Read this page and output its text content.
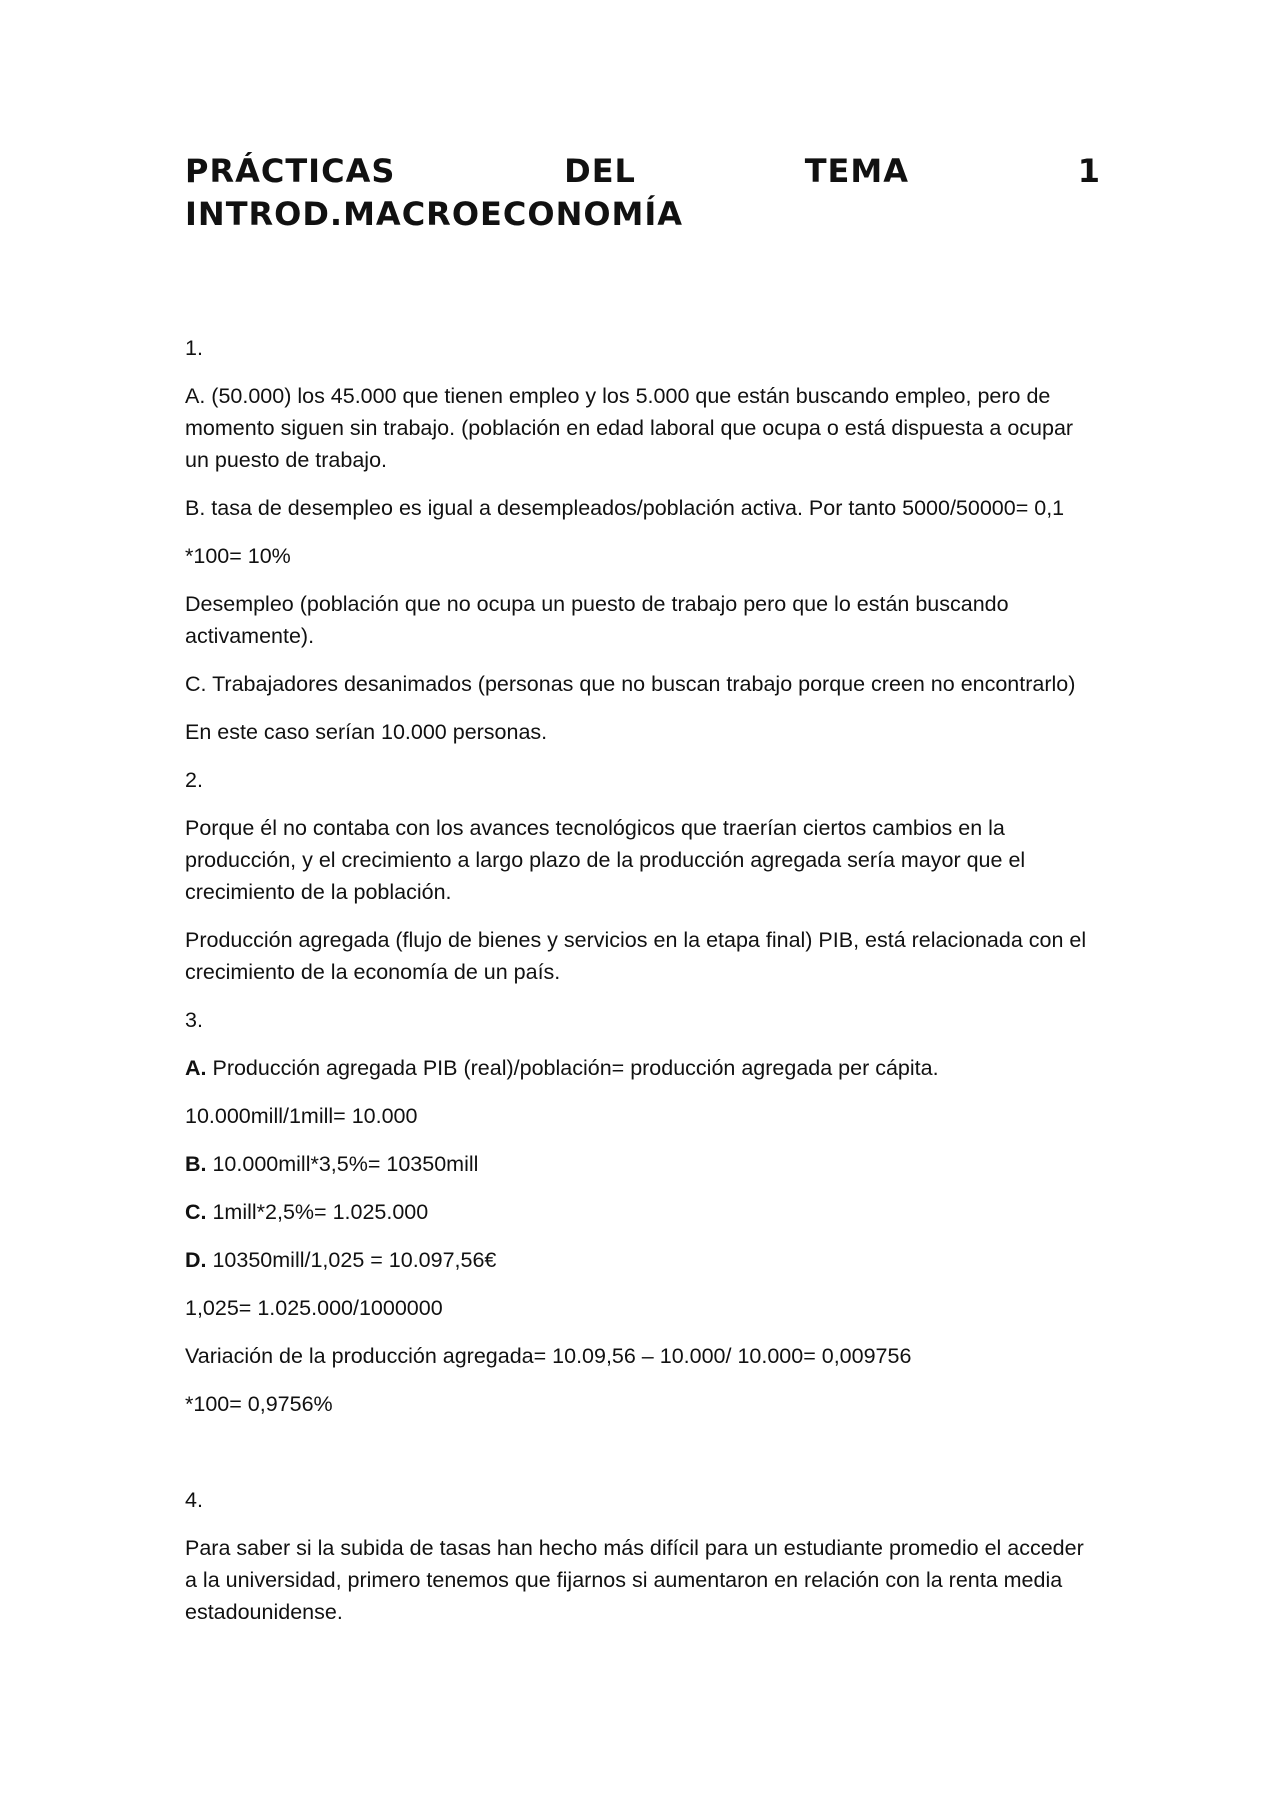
PRÁCTICAS	DEL	TEMA	1
INTROD.MACROECONOMÍA

1.

A. (50.000) los 45.000 que tienen empleo y los 5.000 que están buscando empleo, pero de momento siguen sin trabajo. (población en edad laboral que ocupa o está dispuesta a ocupar un puesto de trabajo.

B. tasa de desempleo es igual a desempleados/población activa. Por tanto 5000/50000= 0,1

*100= 10%

Desempleo (población que no ocupa un puesto de trabajo pero que lo están buscando activamente).

C. Trabajadores desanimados (personas que no buscan trabajo porque creen no encontrarlo)

En este caso serían 10.000 personas.

2.

Porque él no contaba con los avances tecnológicos que traerían ciertos cambios en la producción, y el crecimiento a largo plazo de la producción agregada sería mayor que el crecimiento de la población.

Producción agregada (flujo de bienes y servicios en la etapa final) PIB, está relacionada con el crecimiento de la economía de un país.

3.

A. Producción agregada PIB (real)/población= producción agregada per cápita.

10.000mill/1mill= 10.000

B. 10.000mill*3,5%= 10350mill

C. 1mill*2,5%= 1.025.000

D. 10350mill/1,025 = 10.097,56€

1,025= 1.025.000/1000000

Variación de la producción agregada= 10.09,56 – 10.000/ 10.000= 0,009756

*100= 0,9756%

4.

Para saber si la subida de tasas han hecho más difícil para un estudiante promedio el acceder a la universidad, primero tenemos que fijarnos si aumentaron en relación con la renta media estadounidense.
